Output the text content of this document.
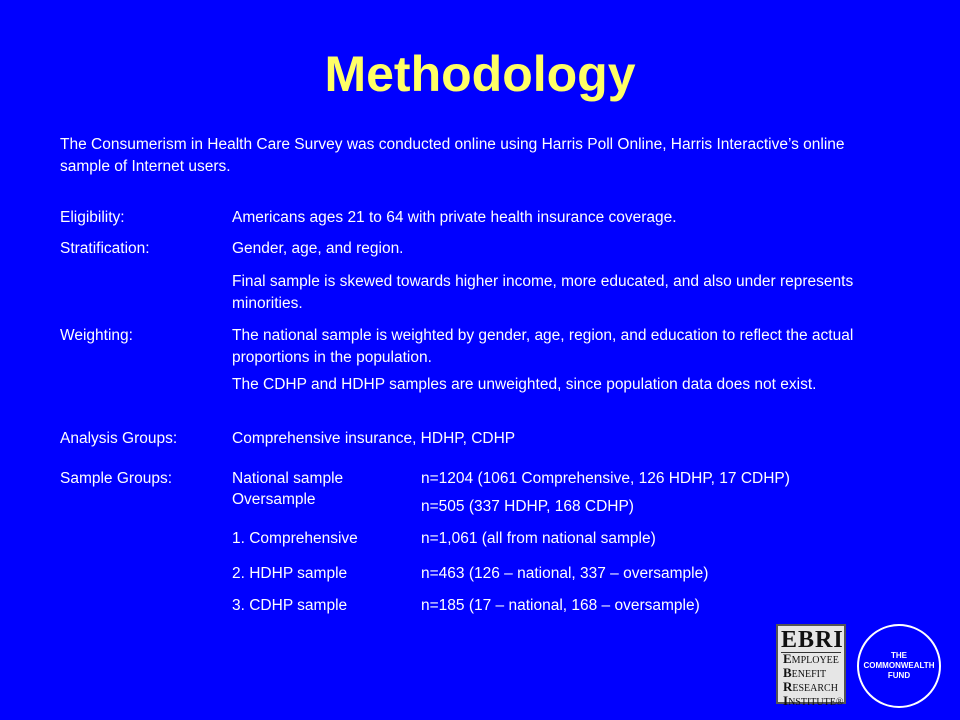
Methodology
The Consumerism in Health Care Survey was conducted online using Harris Poll Online, Harris Interactive’s online sample of Internet users.
Eligibility:	Americans ages 21 to 64 with private health insurance coverage.
Stratification:	Gender, age, and region.
Final sample is skewed towards higher income, more educated, and also under represents minorities.
Weighting:	The national sample is weighted by gender, age, region, and education to reflect the actual proportions in the population.
The CDHP and HDHP samples are unweighted, since population data does not exist.
Analysis Groups:	Comprehensive insurance, HDHP, CDHP
Sample Groups:	National sample	n=1204 (1061 Comprehensive, 126 HDHP, 17 CDHP)
Oversample	n=505 (337 HDHP, 168 CDHP)
1. Comprehensive	n=1,061 (all from national sample)
2. HDHP sample	n=463 (126 – national, 337 – oversample)
3. CDHP sample	n=185 (17 – national, 168 – oversample)
EBRI
EMPLOYEE
BENEFIT
RESEARCH
INSTITUTE®
THE
COMMONWEALTH
FUND
